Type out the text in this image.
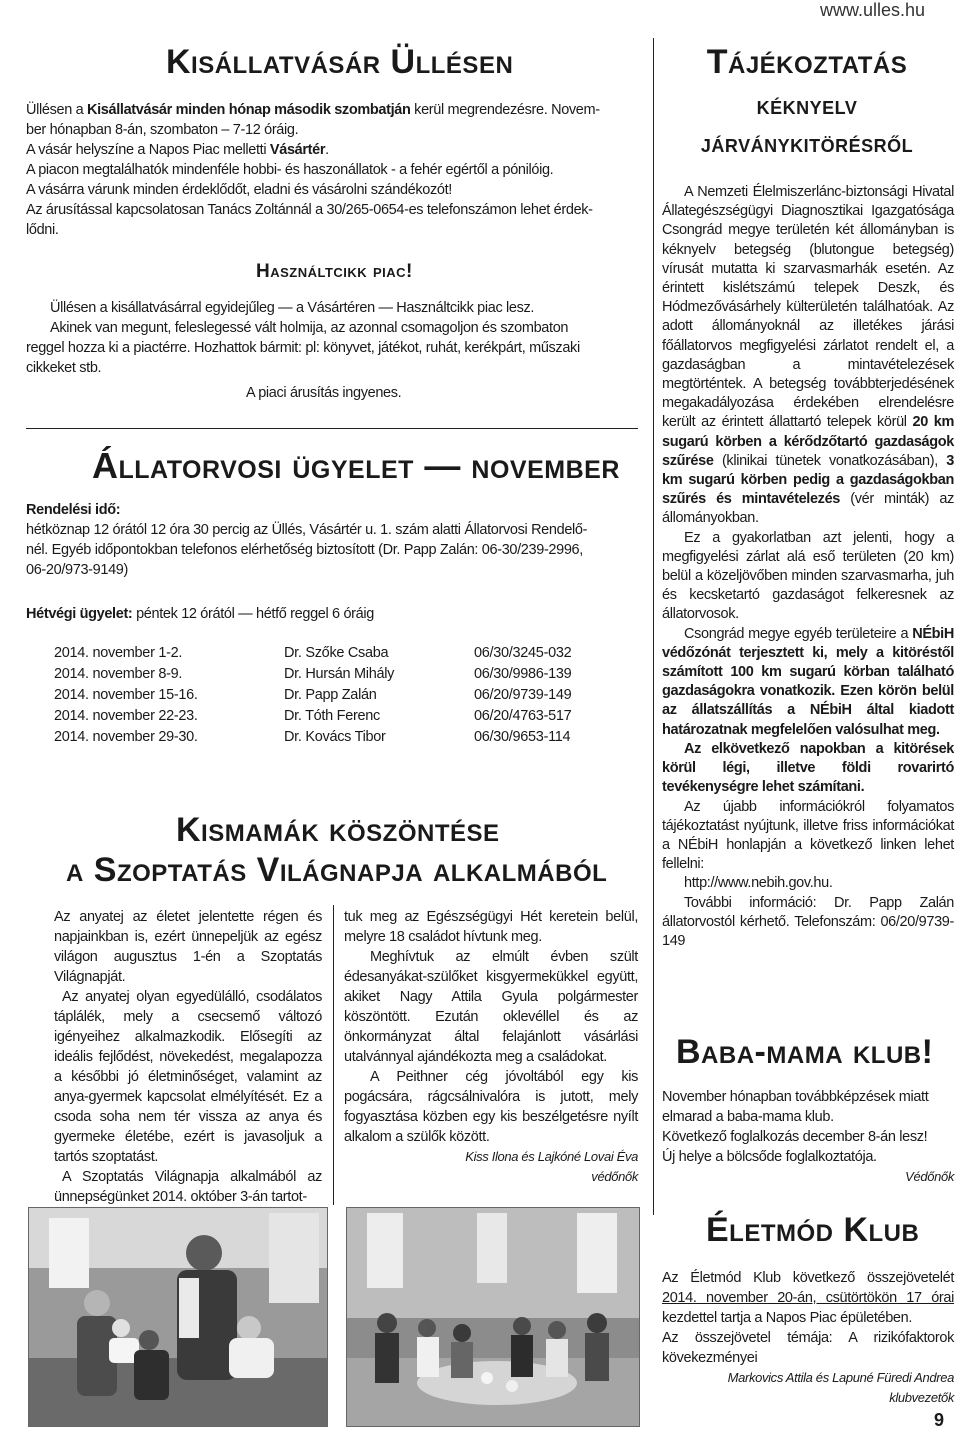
www.ulles.hu
Kisállatvásár Üllésen
Üllésen a Kisállatvásár minden hónap második szombatján kerül megrendezésre. Novem-
ber hónapban 8-án, szombaton – 7-12 óráig.
A vásár helyszíne a Napos Piac melletti Vásártér.
A piacon megtalálhatók mindenféle hobbi- és haszonállatok - a fehér egértől a pónilóig.
A vásárra várunk minden érdeklődőt, eladni és vásárolni szándékozót!
Az árusítással kapcsolatosan Tanács Zoltánnál a 30/265-0654-es telefonszámon lehet érdek-
lődni.
Használtcikk piac!
Üllésen a kisállatvásárral egyidejűleg — a Vásártéren — Használtcikk piac lesz.
Akinek van megunt, feleslegessé vált holmija, az azonnal csomagoljon és szombaton
reggel hozza ki a piactérre. Hozhattok bármit: pl: könyvet, játékot, ruhát, kerékpárt, műszaki
cikkeket stb.
A piaci árusítás ingyenes.
Állatorvosi ügyelet — november
Rendelési idő:
hétköznap 12 órától 12 óra 30 percig az Üllés, Vásártér u. 1. szám alatti Állatorvosi Rendelő-
nél. Egyéb időpontokban telefonos elérhetőség biztosított (Dr. Papp Zalán: 06-30/239-2996,
06-20/973-9149)
Hétvégi ügyelet: péntek 12 órától — hétfő reggel 6 óráig
2014. november 1-2.	Dr. Szőke Csaba	06/30/3245-032
2014. november 8-9.	Dr. Hursán Mihály	06/30/9986-139
2014. november 15-16.	Dr. Papp Zalán	06/20/9739-149
2014. november 22-23.	Dr. Tóth Ferenc	06/20/4763-517
2014. november 29-30.	Dr. Kovács Tibor	06/30/9653-114
Kismamák köszöntése
a Szoptatás Világnapja alkalmából
Az anyatej az életet jelentette régen és napjainkban is, ezért ünnepeljük az egész világon augusztus 1-én a Szoptatás Világnapját.
Az anyatej olyan egyedülálló, csodálatos táplálék, mely a csecsemő változó igényeihez alkalmazkodik. Elősegíti az ideális fejlődést, növekedést, megalapozza a későbbi jó életminőséget, valamint az anya-gyermek kapcsolat elmélyítését. Ez a csoda soha nem tér vissza az anya és gyermeke életébe, ezért is javasoljuk a tartós szoptatást.
A Szoptatás Világnapja alkalmából az ünnepségünket 2014. október 3-án tartot-
tuk meg az Egészségügyi Hét keretein belül, melyre 18 családot hívtunk meg.
Meghívtuk az elmúlt évben szült édesanyákat-szülőket kisgyermekükkel együtt, akiket Nagy Attila Gyula polgármester köszöntött. Ezután oklevéllel és az önkormányzat által felajánlott vásárlási utalvánnyal ajándékozta meg a családokat.
A Peithner cég jóvoltából egy kis pogácsára, rágcsálnivalóra is jutott, mely fogyasztása közben egy kis beszélgetésre nyílt alkalom a szülők között.
Kiss Ilona és Lajkóné Lovai Éva
védőnők
Tájékoztatás
kéknyelv
járványkitörésről
A Nemzeti Élelmiszerlánc-biztonsági Hivatal Állategészségügyi Diagnosztikai Igazgatósága Csongrád megye területén két állományban is kéknyelv betegség (blutongue betegség) vírusát mutatta ki szarvasmarhák esetén. Az érintett kislétszámú telepek Deszk, és Hódmezővásárhely külterületén találhatóak. Az adott állományoknál az illetékes járási főállatorvos megfigyelési zárlatot rendelt el, a gazdaságban a mintavételezések megtörténtek. A betegség továbbterjedésének megakadályozása érdekében elrendelésre került az érintett állattartó telepek körül 20 km sugarú körben a kérődzőtartó gazdaságok szűrése (klinikai tünetek vonatkozásában), 3 km sugarú körben pedig a gazdaságokban szűrés és mintavételezés (vér minták) az állományokban.
Ez a gyakorlatban azt jelenti, hogy a megfigyelési zárlat alá eső területen (20 km) belül a közeljövőben minden szarvasmarha, juh és kecsketartó gazdaságot felkeresnek az állatorvosok.
Csongrád megye egyéb területeire a NÉbiH védőzónát terjesztett ki, mely a kitöréstől számított 100 km sugarú körban található gazdaságokra vonatkozik. Ezen körön belül az állatszállítás a NÉbiH által kiadott határozatnak megfelelően valósulhat meg.
Az elkövetkező napokban a kitörések körül légi, illetve földi rovarirtó tevékenységre lehet számítani.
Az újabb információkról folyamatos tájékoztatást nyújtunk, illetve friss információkat a NÉbiH honlapján a következő linken lehet fellelni:
http://www.nebih.gov.hu.
További információ: Dr. Papp Zalán állatorvostól kérhető. Telefonszám: 06/20/9739-149
Baba-mama klub!
November hónapban továbbképzések miatt elmarad a baba-mama klub.
Következő foglalkozás december 8-án lesz!
Új helye a bölcsőde foglalkoztatója.
Védőnők
Életmód Klub
Az Életmód Klub következő összejövetelét 2014. november 20-án, csütörtökön 17 órai kezdettel tartja a Napos Piac épületében.
Az összejövetel témája: A rizikófaktorok kövekezményei
Markovics Attila és Lapuné Füredi Andrea
klubvezetők
9
